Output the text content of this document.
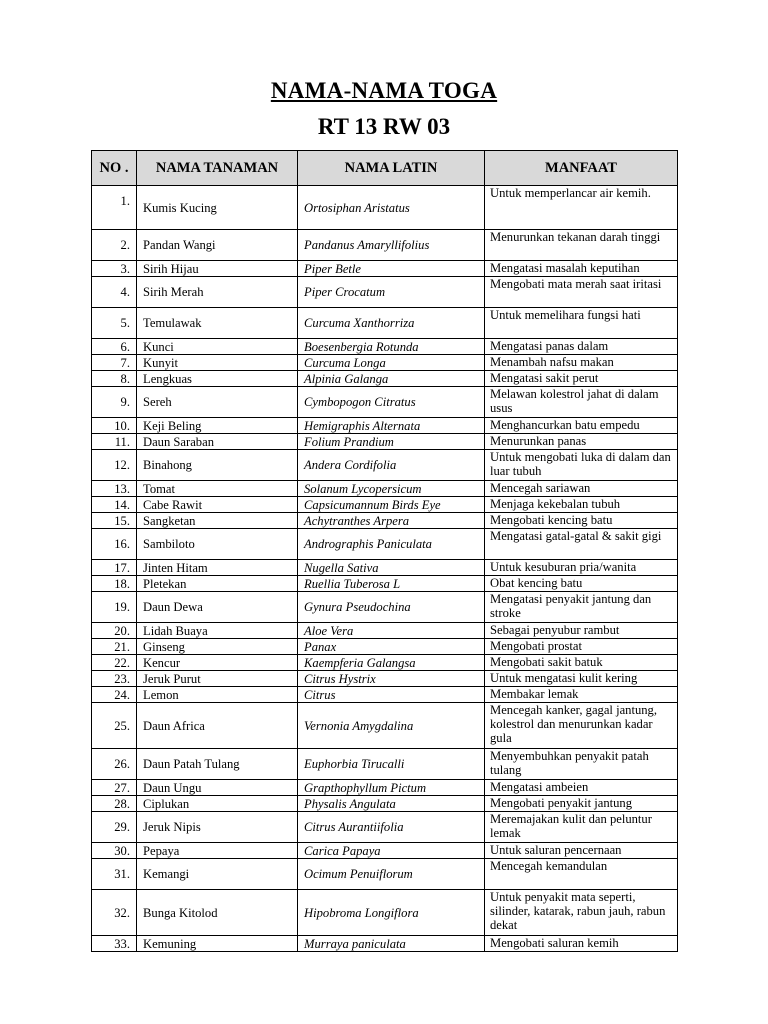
NAMA-NAMA TOGA
RT 13 RW 03
NO .	NAMA TANAMAN	NAMA LATIN	MANFAAT
1.	Kumis Kucing	Ortosiphan Aristatus	Untuk memperlancar air kemih.
2.	Pandan Wangi	Pandanus Amaryllifolius	Menurunkan tekanan darah tinggi
3.	Sirih Hijau	Piper Betle	Mengatasi masalah keputihan
4.	Sirih Merah	Piper Crocatum	Mengobati mata merah saat iritasi
5.	Temulawak	Curcuma Xanthorriza	Untuk memelihara fungsi hati
6.	Kunci	Boesenbergia Rotunda	Mengatasi panas dalam
7.	Kunyit	Curcuma Longa	Menambah nafsu makan
8.	Lengkuas	Alpinia Galanga	Mengatasi sakit perut
9.	Sereh	Cymbopogon Citratus	Melawan kolestrol jahat di dalam usus
10.	Keji Beling	Hemigraphis Alternata	Menghancurkan batu empedu
11.	Daun Saraban	Folium Prandium	Menurunkan panas
12.	Binahong	Andera Cordifolia	Untuk mengobati luka di dalam dan luar tubuh
13.	Tomat	Solanum Lycopersicum	Mencegah sariawan
14.	Cabe Rawit	Capsicumannum Birds Eye	Menjaga kekebalan tubuh
15.	Sangketan	Achytranthes Arpera	Mengobati kencing batu
16.	Sambiloto	Andrographis Paniculata	Mengatasi gatal-gatal & sakit gigi
17.	Jinten Hitam	Nugella Sativa	Untuk kesuburan pria/wanita
18.	Pletekan	Ruellia Tuberosa L	Obat kencing batu
19.	Daun Dewa	Gynura Pseudochina	Mengatasi penyakit jantung dan stroke
20.	Lidah Buaya	Aloe Vera	Sebagai penyubur rambut
21.	Ginseng	Panax	Mengobati prostat
22.	Kencur	Kaempferia Galangsa	Mengobati sakit batuk
23.	Jeruk Purut	Citrus Hystrix	Untuk mengatasi kulit kering
24.	Lemon	Citrus	Membakar lemak
25.	Daun Africa	Vernonia Amygdalina	Mencegah kanker, gagal jantung, kolestrol dan menurunkan kadar gula
26.	Daun Patah Tulang	Euphorbia Tirucalli	Menyembuhkan penyakit patah tulang
27.	Daun Ungu	Grapthophyllum Pictum	Mengatasi ambeien
28.	Ciplukan	Physalis Angulata	Mengobati penyakit jantung
29.	Jeruk Nipis	Citrus Aurantiifolia	Meremajakan kulit dan peluntur lemak
30.	Pepaya	Carica Papaya	Untuk saluran pencernaan
31.	Kemangi	Ocimum Penuiflorum	Mencegah kemandulan
32.	Bunga Kitolod	Hipobroma Longiflora	Untuk penyakit mata seperti, silinder, katarak, rabun jauh, rabun dekat
33.	Kemuning	Murraya paniculata	Mengobati saluran kemih
